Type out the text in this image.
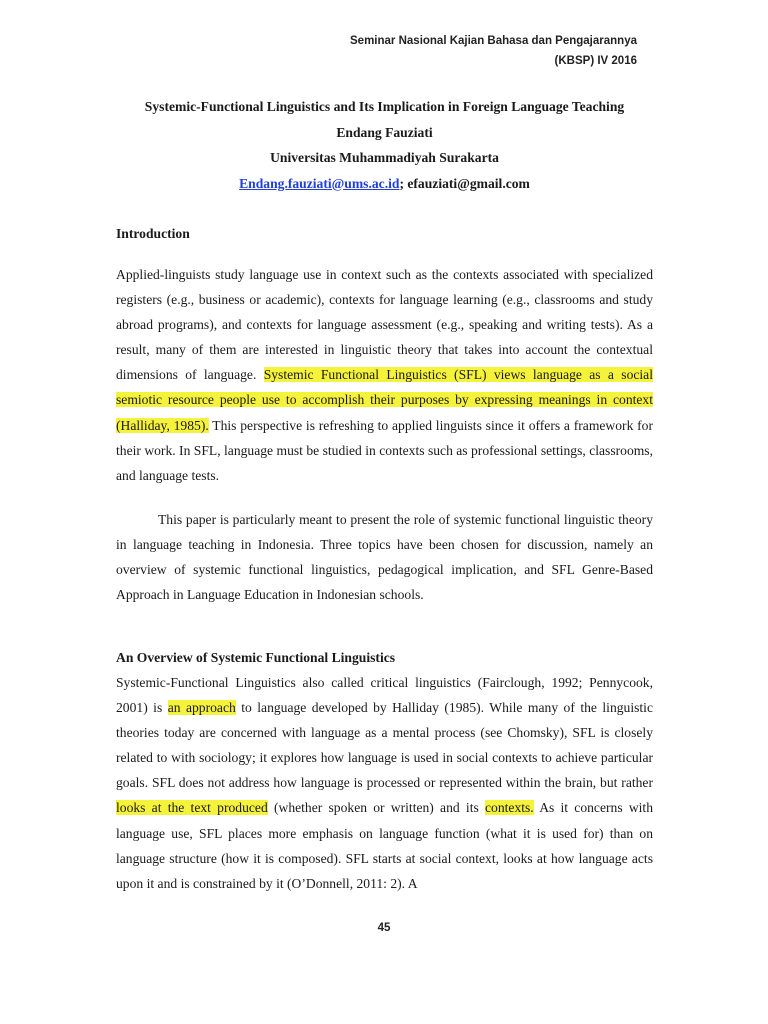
Seminar Nasional Kajian Bahasa dan Pengajarannya
(KBSP) IV 2016
Systemic-Functional Linguistics and Its Implication in Foreign Language Teaching
Endang Fauziati
Universitas Muhammadiyah Surakarta
Endang.fauziati@ums.ac.id; efauziati@gmail.com
Introduction
Applied-linguists study language use in context such as the contexts associated with specialized registers (e.g., business or academic), contexts for language learning (e.g., classrooms and study abroad programs), and contexts for language assessment (e.g., speaking and writing tests). As a result, many of them are interested in linguistic theory that takes into account the contextual dimensions of language. Systemic Functional Linguistics (SFL) views language as a social semiotic resource people use to accomplish their purposes by expressing meanings in context (Halliday, 1985). This perspective is refreshing to applied linguists since it offers a framework for their work. In SFL, language must be studied in contexts such as professional settings, classrooms, and language tests.
This paper is particularly meant to present the role of systemic functional linguistic theory in language teaching in Indonesia. Three topics have been chosen for discussion, namely an overview of systemic functional linguistics, pedagogical implication, and SFL Genre-Based Approach in Language Education in Indonesian schools.
An Overview of Systemic Functional Linguistics
Systemic-Functional Linguistics also called critical linguistics (Fairclough, 1992; Pennycook, 2001) is an approach to language developed by Halliday (1985). While many of the linguistic theories today are concerned with language as a mental process (see Chomsky), SFL is closely related to with sociology; it explores how language is used in social contexts to achieve particular goals. SFL does not address how language is processed or represented within the brain, but rather looks at the text produced (whether spoken or written) and its contexts. As it concerns with language use, SFL places more emphasis on language function (what it is used for) than on language structure (how it is composed). SFL starts at social context, looks at how language acts upon it and is constrained by it (O’Donnell, 2011: 2). A
45
